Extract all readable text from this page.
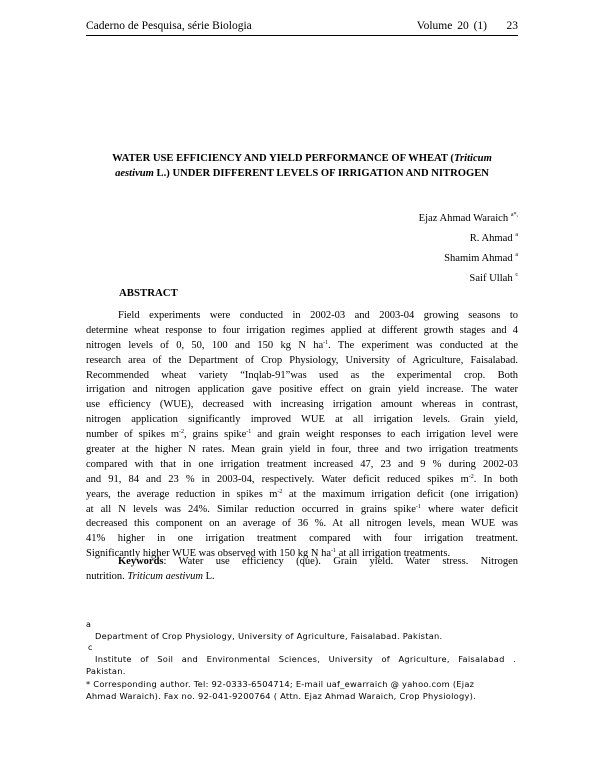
Caderno de Pesquisa, série Biologia	Volume 20 (1) 23
WATER USE EFFICIENCY AND YIELD PERFORMANCE OF WHEAT (Triticum
aestivum L.) UNDER DIFFERENT LEVELS OF IRRIGATION AND NITROGEN
Ejaz Ahmad Waraich $^{a*,}$
R. Ahmad $^a$
Shamim Ahmad $^a$
Saif Ullah $^c$
ABSTRACT
Field experiments were conducted in 2002-03 and 2003-04 growing seasons to
determine wheat response to four irrigation regimes applied at different growth stages and 4
nitrogen levels of 0, 50, 100 and 150 kg N $ha^{-1}$. The experiment was conducted at the
research area of the Department of Crop Physiology, University of Agriculture, Faisalabad.
Recommended wheat variety “Inqlab-91”was used as the experimental crop. Both
irrigation and nitrogen application gave positive effect on grain yield increase. The water
use efficiency (WUE), decreased with increasing irrigation amount whereas in contrast,
nitrogen application significantly improved WUE at all irrigation levels. Grain yield,
number of spikes $m^{-2}$, grains spike$^{-1}$ and grain weight responses to each irrigation level were
greater at the higher N rates. Mean grain yield in four, three and two irrigation treatments
compared with that in one irrigation treatment increased 47, 23 and 9 % during 2002-03
and 91, 84 and 23 % in 2003-04, respectively. Water deficit reduced spikes $m^{-2}$. In both
years, the average reduction in spikes $m^{-2}$ at the maximum irrigation deficit (one irrigation)
at all N levels was 24%. Similar reduction occurred in grains spike$^{-1}$ where water deficit
decreased this component on an average of 36 %. At all nitrogen levels, mean WUE was
41% higher in one irrigation treatment compared with four irrigation treatment.
Significantly higher WUE was observed with 150 kg N $ha^{-1}$ at all irrigation treatments.
Keywords: Water use efficiency (que). Grain yield. Water stress. Nitrogen
nutrition. Triticum aestivum L.
a
Department of Crop Physiology, University of Agriculture, Faisalabad. Pakistan.
c
Institute of Soil and Environmental Sciences, University of Agriculture, Faisalabad .
Pakistan.
* Corresponding author. Tel: 92-0333-6504714; E-mail uaf_ewarraich @ yahoo.com (Ejaz
Ahmad Waraich). Fax no. 92-041-9200764 ( Attn. Ejaz Ahmad Waraich, Crop Physiology).
